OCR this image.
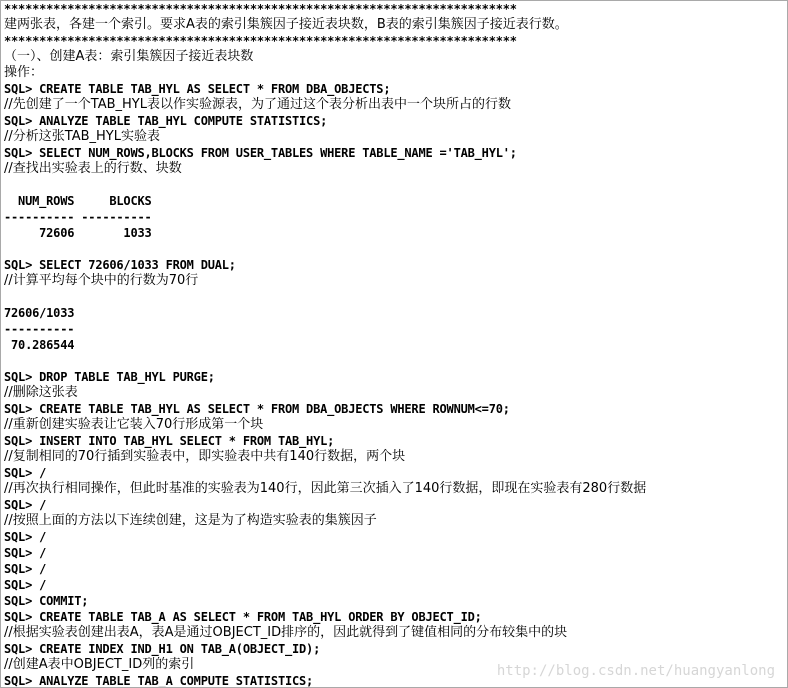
*************************************************************************
建两张表，各建一个索引。要求A表的索引集簇因子接近表块数，B表的索引集簇因子接近表行数。
*************************************************************************
（一）、创建A表：索引集簇因子接近表块数
操作：
SQL> CREATE TABLE TAB_HYL AS SELECT * FROM DBA_OBJECTS;
//先创建了一个TAB_HYL表以作实验源表，为了通过这个表分析出表中一个块所占的行数
SQL> ANALYZE TABLE TAB_HYL COMPUTE STATISTICS;
//分析这张TAB_HYL实验表
SQL> SELECT NUM_ROWS,BLOCKS FROM USER_TABLES WHERE TABLE_NAME ='TAB_HYL';
//查找出实验表上的行数、块数
NUM_ROWS     BLOCKS
---------- ----------
72606       1033
SQL> SELECT 72606/1033 FROM DUAL;
//计算平均每个块中的行数为70行
72606/1033
----------
70.286544
SQL> DROP TABLE TAB_HYL PURGE;
//删除这张表
SQL> CREATE TABLE TAB_HYL AS SELECT * FROM DBA_OBJECTS WHERE ROWNUM<=70;
//重新创建实验表让它装入70行形成第一个块
SQL> INSERT INTO TAB_HYL SELECT * FROM TAB_HYL;
//复制相同的70行插到实验表中，即实验表中共有140行数据，两个块
SQL> /
//再次执行相同操作，但此时基准的实验表为140行，因此第三次插入了140行数据，即现在实验表有280行数据
SQL> /
//按照上面的方法以下连续创建，这是为了构造实验表的集簇因子
SQL> /
SQL> /
SQL> /
SQL> /
SQL> COMMIT;
SQL> CREATE TABLE TAB_A AS SELECT * FROM TAB_HYL ORDER BY OBJECT_ID;
//根据实验表创建出表A，表A是通过OBJECT_ID排序的，因此就得到了键值相同的分布较集中的块
SQL> CREATE INDEX IND_H1 ON TAB_A(OBJECT_ID);
//创建A表中OBJECT_ID列的索引
SQL> ANALYZE TABLE TAB_A COMPUTE STATISTICS;
http://blog.csdn.net/huangyanlong
